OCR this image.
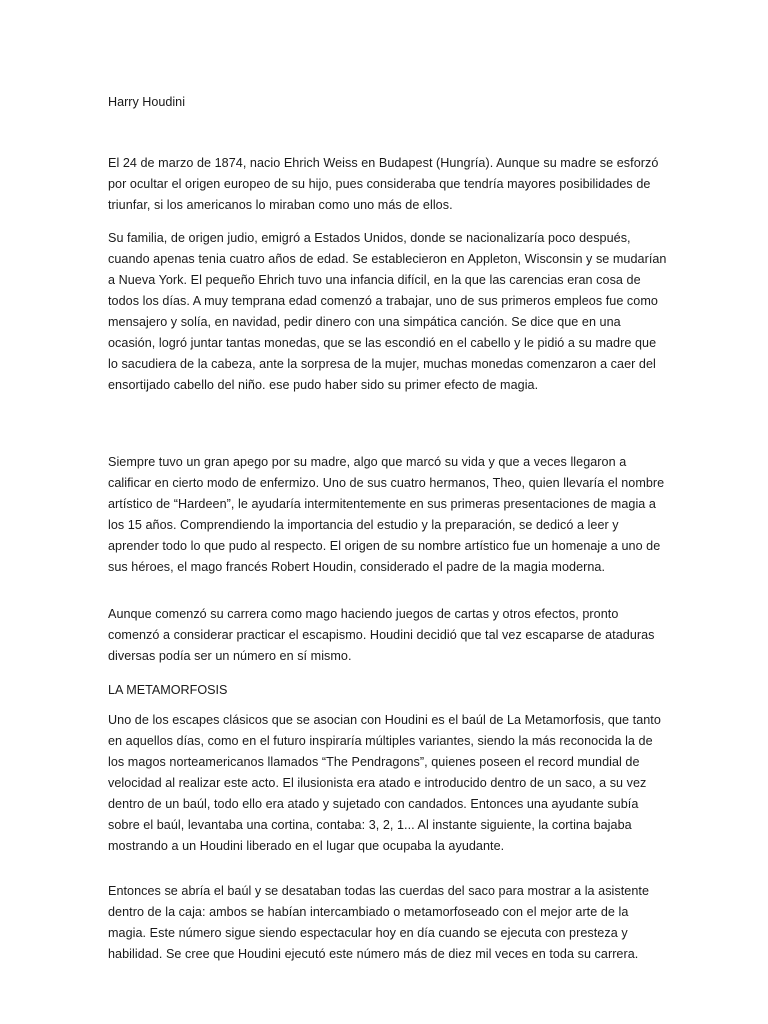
Harry Houdini

El 24 de marzo de 1874, nacio Ehrich Weiss en Budapest (Hungría). Aunque su madre se esforzó por ocultar el origen europeo de su hijo, pues consideraba que tendría mayores posibilidades de triunfar, si los americanos lo miraban como uno más de ellos.

Su familia, de origen judio, emigró a Estados Unidos, donde se nacionalizaría poco después, cuando apenas tenia cuatro años de edad. Se establecieron en Appleton, Wisconsin y se mudarían a Nueva York. El pequeño Ehrich tuvo una infancia difícil, en la que las carencias eran cosa de todos los días. A muy temprana edad comenzó a trabajar, uno de sus primeros empleos fue como mensajero y solía, en navidad, pedir dinero con una simpática canción. Se dice que en una ocasión, logró juntar tantas monedas, que se las escondió en el cabello y le pidió a su madre que lo sacudiera de la cabeza, ante la sorpresa de la mujer, muchas monedas comenzaron a caer del ensortijado cabello del niño. ese pudo haber sido su primer efecto de magia.

Siempre tuvo un gran apego por su madre, algo que marcó su vida y que a veces llegaron a calificar en cierto modo de enfermizo. Uno de sus cuatro hermanos, Theo, quien llevaría el nombre artístico de “Hardeen”, le ayudaría intermitentemente en sus primeras presentaciones de magia a los 15 años. Comprendiendo la importancia del estudio y la preparación, se dedicó a leer y aprender todo lo que pudo al respecto. El origen de su nombre artístico fue un homenaje a uno de sus héroes, el mago francés Robert Houdin, considerado el padre de la magia moderna.

Aunque comenzó su carrera como mago haciendo juegos de cartas y otros efectos, pronto comenzó a considerar practicar el escapismo. Houdini decidió que tal vez escaparse de ataduras diversas podía ser un número en sí mismo.

LA METAMORFOSIS

Uno de los escapes clásicos que se asocian con Houdini es el baúl de La Metamorfosis, que tanto en aquellos días, como en el futuro inspiraría múltiples variantes, siendo la más reconocida la de los magos norteamericanos llamados “The Pendragons”, quienes poseen el record mundial de velocidad al realizar este acto. El ilusionista era atado e introducido dentro de un saco, a su vez dentro de un baúl, todo ello era atado y sujetado con candados. Entonces una ayudante subía sobre el baúl, levantaba una cortina, contaba: 3, 2, 1... Al instante siguiente, la cortina bajaba mostrando a un Houdini liberado en el lugar que ocupaba la ayudante.

Entonces se abría el baúl y se desataban todas las cuerdas del saco para mostrar a la asistente dentro de la caja: ambos se habían intercambiado o metamorfoseado con el mejor arte de la magia. Este número sigue siendo espectacular hoy en día cuando se ejecuta con presteza y habilidad. Se cree que Houdini ejecutó este número más de diez mil veces en toda su carrera.
